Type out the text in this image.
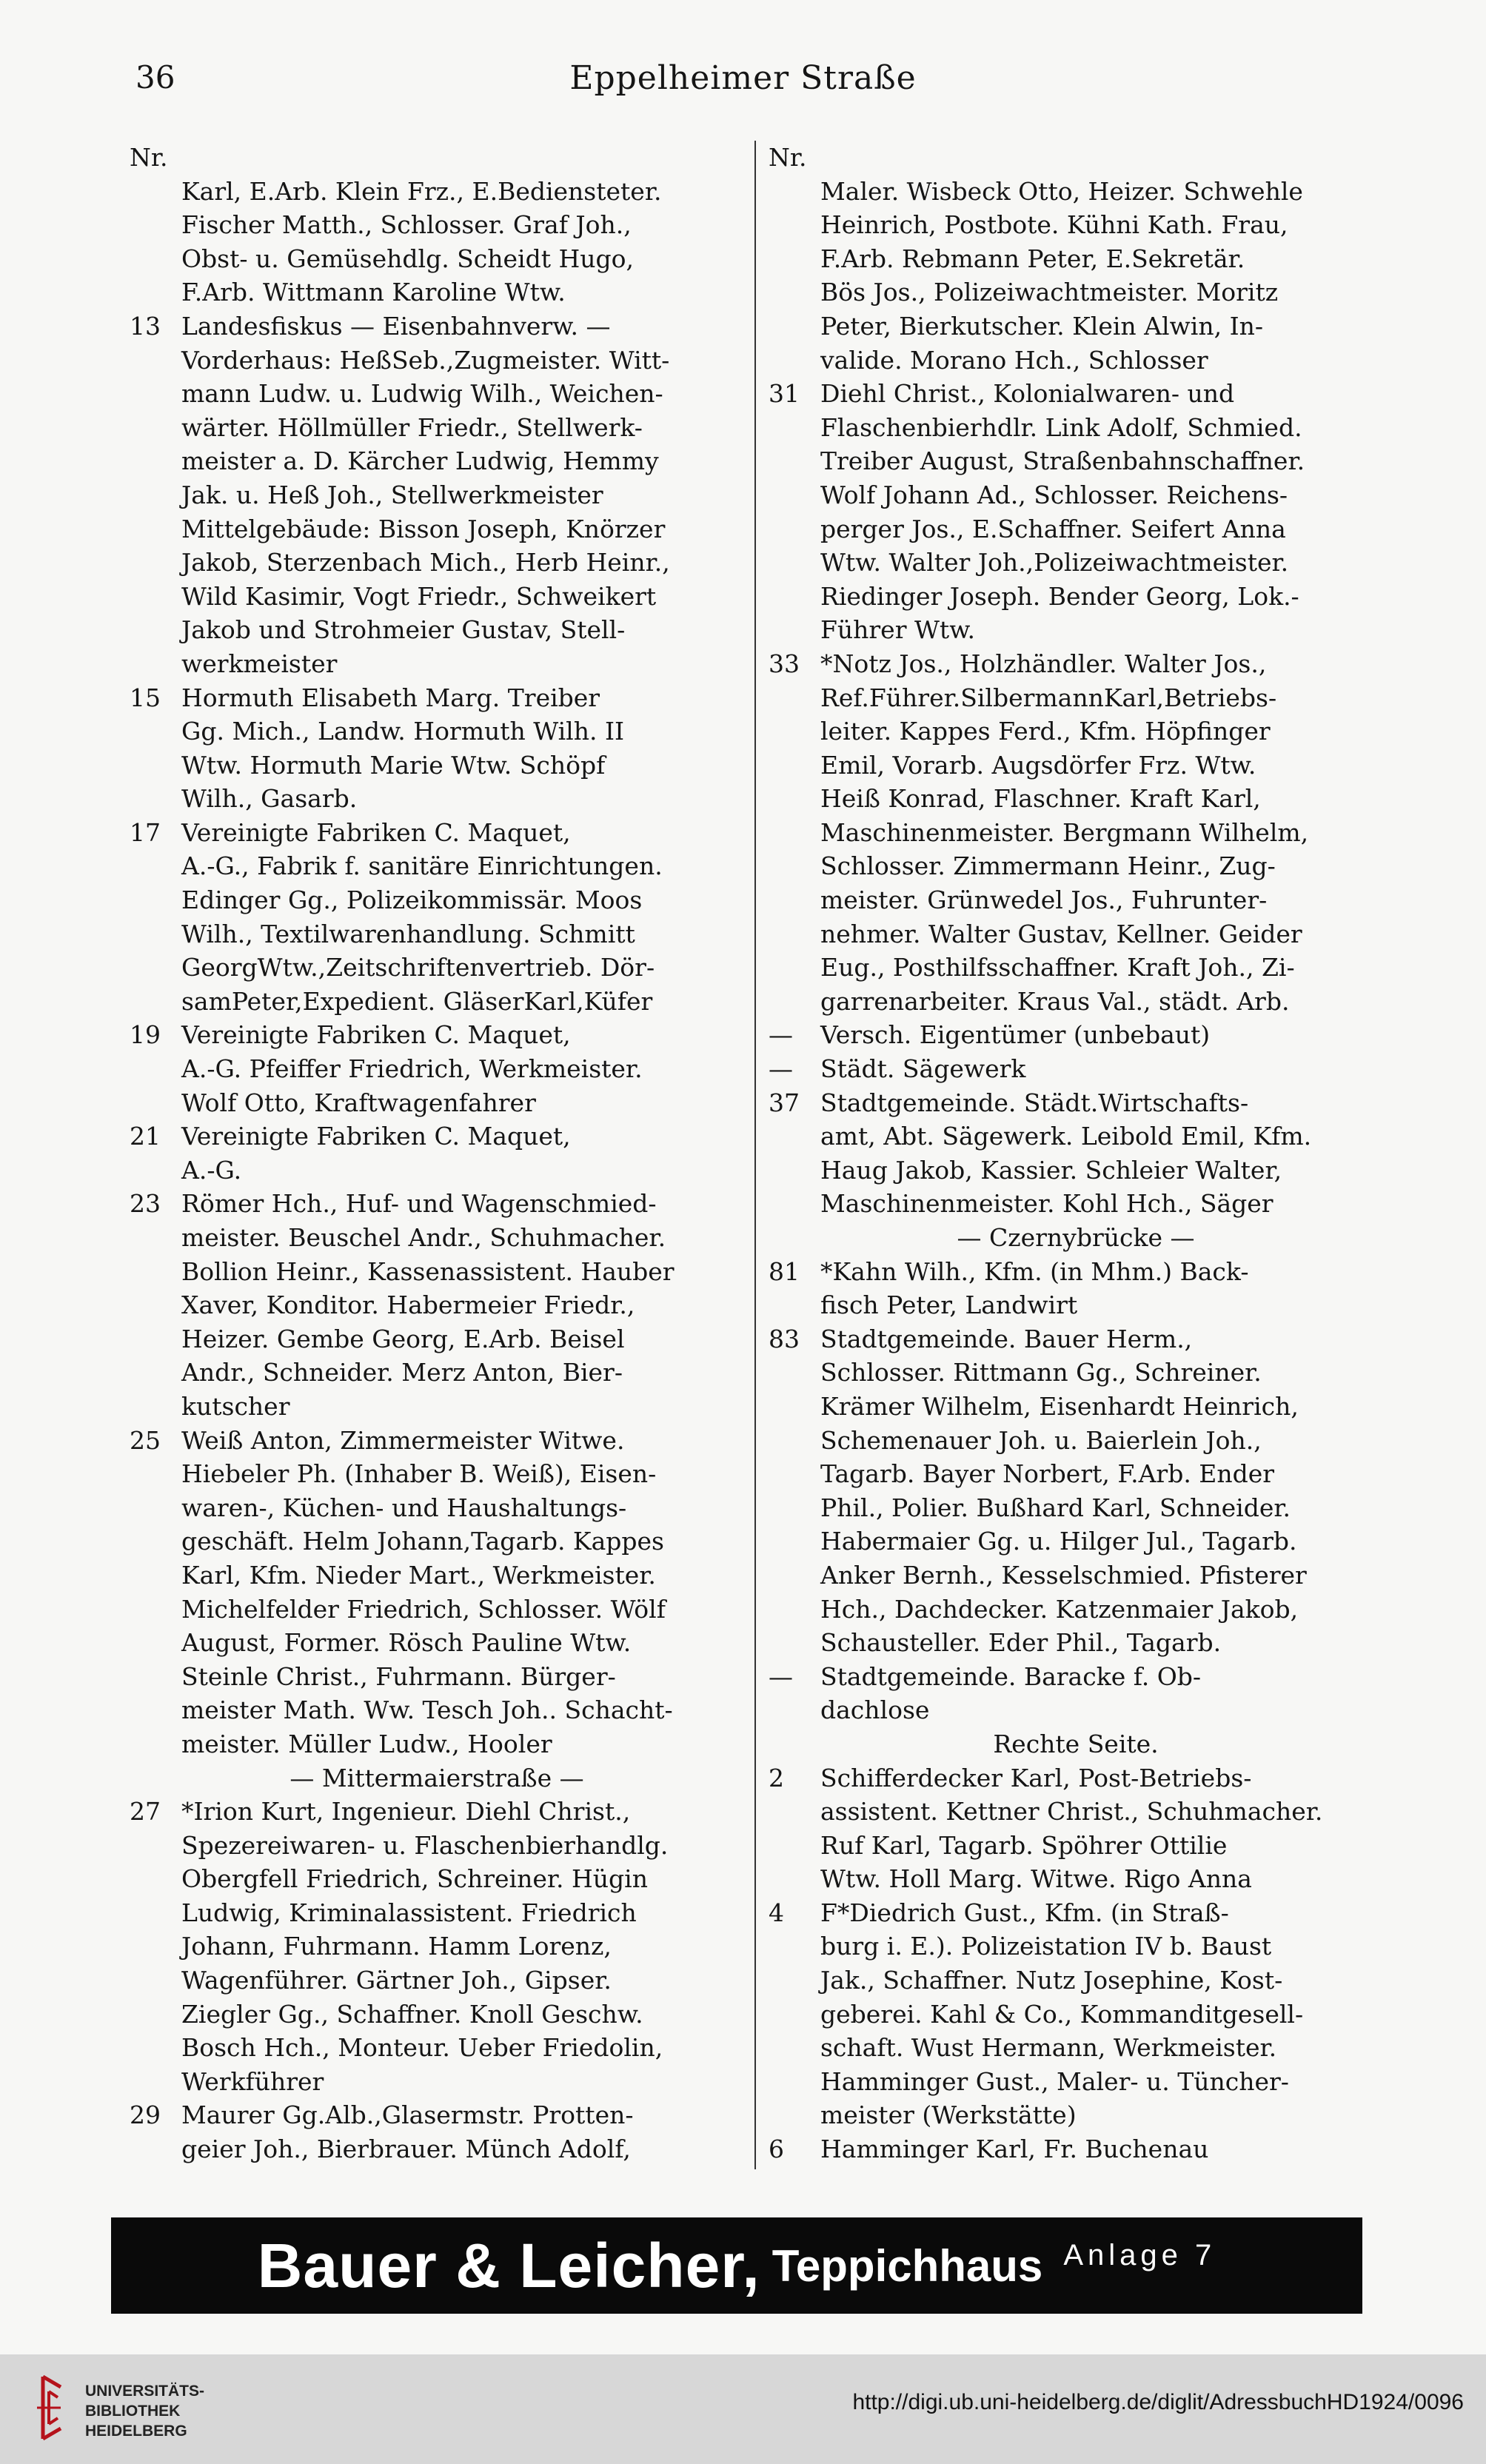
36	Eppelheimer Straße
Nr.
Karl, E.Arb. Klein Frz., E.Bediensteter.
Fischer Matth., Schlosser. Graf Joh.,
Obst- u. Gemüsehdlg. Scheidt Hugo,
F.Arb. Wittmann Karoline Wtw.
13 Landesfiskus — Eisenbahnverw. —
Vorderhaus: HeßSeb.,Zugmeister. Witt-
mann Ludw. u. Ludwig Wilh., Weichen-
wärter. Höllmüller Friedr., Stellwerk-
meister a. D. Kärcher Ludwig, Hemmy
Jak. u. Heß Joh., Stellwerkmeister
Mittelgebäude: Bisson Joseph, Knörzer
Jakob, Sterzenbach Mich., Herb Heinr.,
Wild Kasimir, Vogt Friedr., Schweikert
Jakob und Strohmeier Gustav, Stell-
werkmeister
15 Hormuth Elisabeth Marg. Treiber
Gg. Mich., Landw. Hormuth Wilh. II
Wtw. Hormuth Marie Wtw. Schöpf
Wilh., Gasarb.
17 Vereinigte Fabriken C. Maquet,
A.-G., Fabrik f. sanitäre Einrichtungen.
Edinger Gg., Polizeikommissär. Moos
Wilh., Textilwarenhandlung. Schmitt
GeorgWtw.,Zeitschriftenvertrieb. Dör-
samPeter,Expedient. GläserKarl,Küfer
19 Vereinigte Fabriken C. Maquet,
A.-G. Pfeiffer Friedrich, Werkmeister.
Wolf Otto, Kraftwagenfahrer
21 Vereinigte Fabriken C. Maquet,
A.-G.
23 Römer Hch., Huf- und Wagenschmied-
meister. Beuschel Andr., Schuhmacher.
Bollion Heinr., Kassenassistent. Hauber
Xaver, Konditor. Habermeier Friedr.,
Heizer. Gembe Georg, E.Arb. Beisel
Andr., Schneider. Merz Anton, Bier-
kutscher
25 Weiß Anton, Zimmermeister Witwe.
Hiebeler Ph. (Inhaber B. Weiß), Eisen-
waren-, Küchen- und Haushaltungs-
geschäft. Helm Johann,Tagarb. Kappes
Karl, Kfm. Nieder Mart., Werkmeister.
Michelfelder Friedrich, Schlosser. Wölf
August, Former. Rösch Pauline Wtw.
Steinle Christ., Fuhrmann. Bürger-
meister Math. Ww. Tesch Joh.. Schacht-
meister. Müller Ludw., Hooler
— Mittermaierstraße —
27 *Irion Kurt, Ingenieur. Diehl Christ.,
Spezereiwaren- u. Flaschenbierhandlg.
Obergfell Friedrich, Schreiner. Hügin
Ludwig, Kriminalassistent. Friedrich
Johann, Fuhrmann. Hamm Lorenz,
Wagenführer. Gärtner Joh., Gipser.
Ziegler Gg., Schaffner. Knoll Geschw.
Bosch Hch., Monteur. Ueber Friedolin,
Werkführer
29 Maurer Gg.Alb.,Glasermstr. Protten-
geier Joh., Bierbrauer. Münch Adolf,
Nr.
Maler. Wisbeck Otto, Heizer. Schwehle
Heinrich, Postbote. Kühni Kath. Frau,
F.Arb. Rebmann Peter, E.Sekretär.
Bös Jos., Polizeiwachtmeister. Moritz
Peter, Bierkutscher. Klein Alwin, In-
valide. Morano Hch., Schlosser
31 Diehl Christ., Kolonialwaren- und
Flaschenbierhdlr. Link Adolf, Schmied.
Treiber August, Straßenbahnschaffner.
Wolf Johann Ad., Schlosser. Reichens-
perger Jos., E.Schaffner. Seifert Anna
Wtw. Walter Joh.,Polizeiwachtmeister.
Riedinger Joseph. Bender Georg, Lok.-
Führer Wtw.
33 *Notz Jos., Holzhändler. Walter Jos.,
Ref.Führer.SilbermannKarl,Betriebs-
leiter. Kappes Ferd., Kfm. Höpfinger
Emil, Vorarb. Augsdörfer Frz. Wtw.
Heiß Konrad, Flaschner. Kraft Karl,
Maschinenmeister. Bergmann Wilhelm,
Schlosser. Zimmermann Heinr., Zug-
meister. Grünwedel Jos., Fuhrunter-
nehmer. Walter Gustav, Kellner. Geider
Eug., Posthilfsschaffner. Kraft Joh., Zi-
garrenarbeiter. Kraus Val., städt. Arb.
—	Versch. Eigentümer (unbebaut)
—	Städt. Sägewerk
37 Stadtgemeinde. Städt.Wirtschafts-
amt, Abt. Sägewerk. Leibold Emil, Kfm.
Haug Jakob, Kassier. Schleier Walter,
Maschinenmeister. Kohl Hch., Säger
— Czernybrücke —
81 *Kahn Wilh., Kfm. (in Mhm.) Back-
fisch Peter, Landwirt
83 Stadtgemeinde. Bauer Herm.,
Schlosser. Rittmann Gg., Schreiner.
Krämer Wilhelm, Eisenhardt Heinrich,
Schemenauer Joh. u. Baierlein Joh.,
Tagarb. Bayer Norbert, F.Arb. Ender
Phil., Polier. Bußhard Karl, Schneider.
Habermaier Gg. u. Hilger Jul., Tagarb.
Anker Bernh., Kesselschmied. Pfisterer
Hch., Dachdecker. Katzenmaier Jakob,
Schausteller. Eder Phil., Tagarb.
—	Stadtgemeinde. Baracke f. Ob-
dachlose
Rechte Seite.
2	Schifferdecker Karl, Post-Betriebs-
assistent. Kettner Christ., Schuhmacher.
Ruf Karl, Tagarb. Spöhrer Ottilie
Wtw. Holl Marg. Witwe. Rigo Anna
4	F*Diedrich Gust., Kfm. (in Straß-
burg i. E.). Polizeistation IV b. Baust
Jak., Schaffner. Nutz Josephine, Kost-
geberei. Kahl & Co., Kommanditgesell-
schaft. Wust Hermann, Werkmeister.
Hamminger Gust., Maler- u. Tüncher-
meister (Werkstätte)
6	Hamminger Karl, Fr. Buchenau
Bauer & Leicher, Teppichhaus Anlage 7
UNIVERSITÄTS-
BIBLIOTHEK
HEIDELBERG
http://digi.ub.uni-heidelberg.de/diglit/AdressbuchHD1924/0096
